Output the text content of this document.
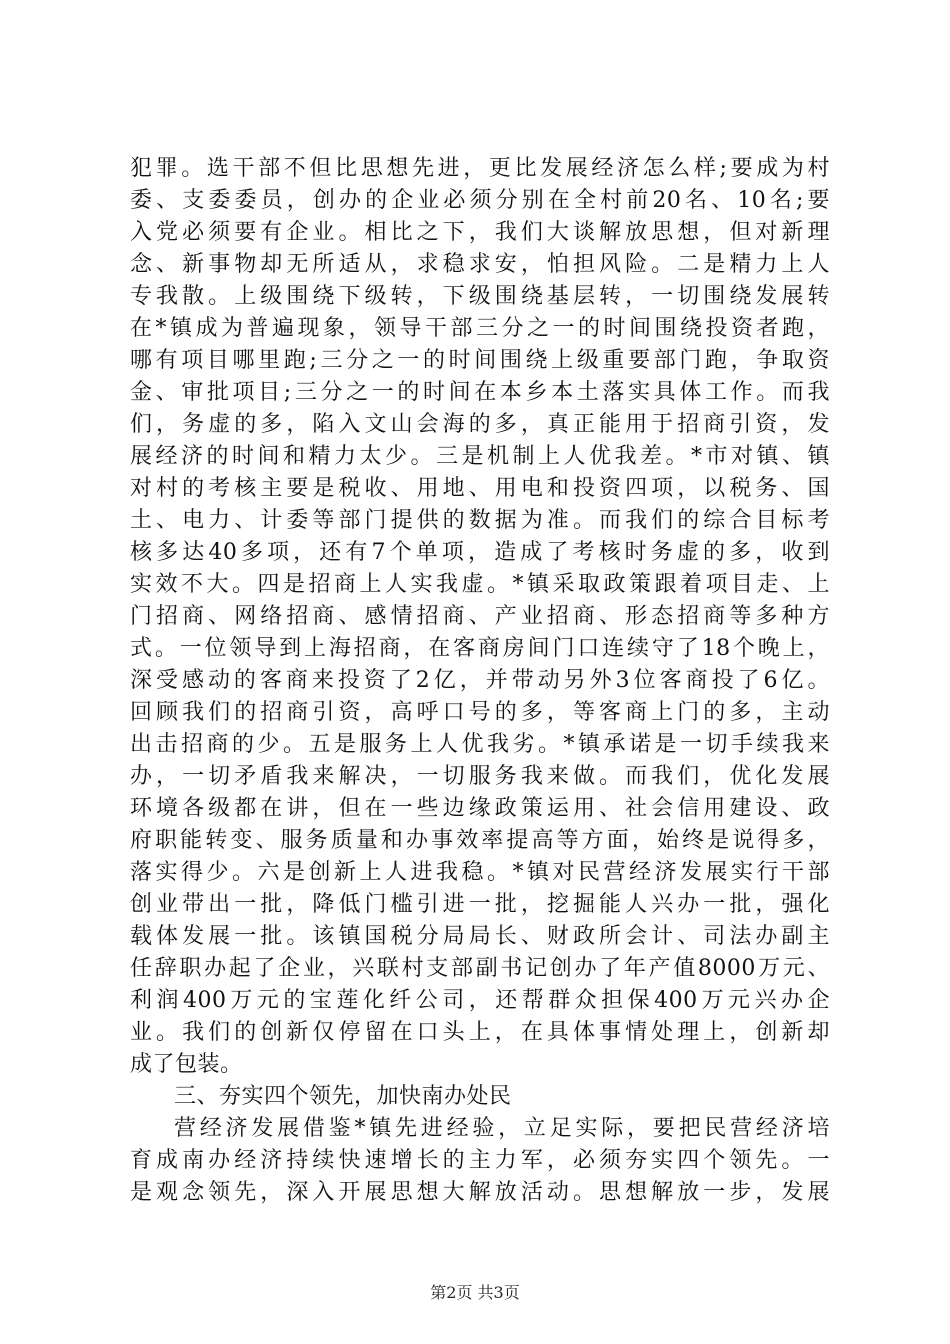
犯罪。选干部不但比思想先进，更比发展经济怎么样;要成为村
委、支委委员，创办的企业必须分别在全村前20名、10名;要
入党必须要有企业。相比之下，我们大谈解放思想，但对新理
念、新事物却无所适从，求稳求安，怕担风险。二是精力上人
专我散。上级围绕下级转，下级围绕基层转，一切围绕发展转
在*镇成为普遍现象，领导干部三分之一的时间围绕投资者跑，
哪有项目哪里跑;三分之一的时间围绕上级重要部门跑，争取资
金、审批项目;三分之一的时间在本乡本土落实具体工作。而我
们，务虚的多，陷入文山会海的多，真正能用于招商引资，发
展经济的时间和精力太少。三是机制上人优我差。*市对镇、镇
对村的考核主要是税收、用地、用电和投资四项，以税务、国
土、电力、计委等部门提供的数据为准。而我们的综合目标考
核多达40多项，还有7个单项，造成了考核时务虚的多，收到
实效不大。四是招商上人实我虚。*镇采取政策跟着项目走、上
门招商、网络招商、感情招商、产业招商、形态招商等多种方
式。一位领导到上海招商，在客商房间门口连续守了18个晚上，
深受感动的客商来投资了2亿，并带动另外3位客商投了6亿。
回顾我们的招商引资，高呼口号的多，等客商上门的多，主动
出击招商的少。五是服务上人优我劣。*镇承诺是一切手续我来
办，一切矛盾我来解决，一切服务我来做。而我们，优化发展
环境各级都在讲，但在一些边缘政策运用、社会信用建设、政
府职能转变、服务质量和办事效率提高等方面，始终是说得多，
落实得少。六是创新上人进我稳。*镇对民营经济发展实行干部
创业带出一批，降低门槛引进一批，挖掘能人兴办一批，强化
载体发展一批。该镇国税分局局长、财政所会计、司法办副主
任辞职办起了企业，兴联村支部副书记创办了年产值8000万元、
利润400万元的宝莲化纤公司，还帮群众担保400万元兴办企
业。我们的创新仅停留在口头上，在具体事情处理上，创新却
成了包装。
三、夯实四个领先，加快南办处民
营经济发展借鉴*镇先进经验，立足实际，要把民营经济培
育成南办经济持续快速增长的主力军，必须夯实四个领先。一
是观念领先，深入开展思想大解放活动。思想解放一步，发展
第2页 共3页
